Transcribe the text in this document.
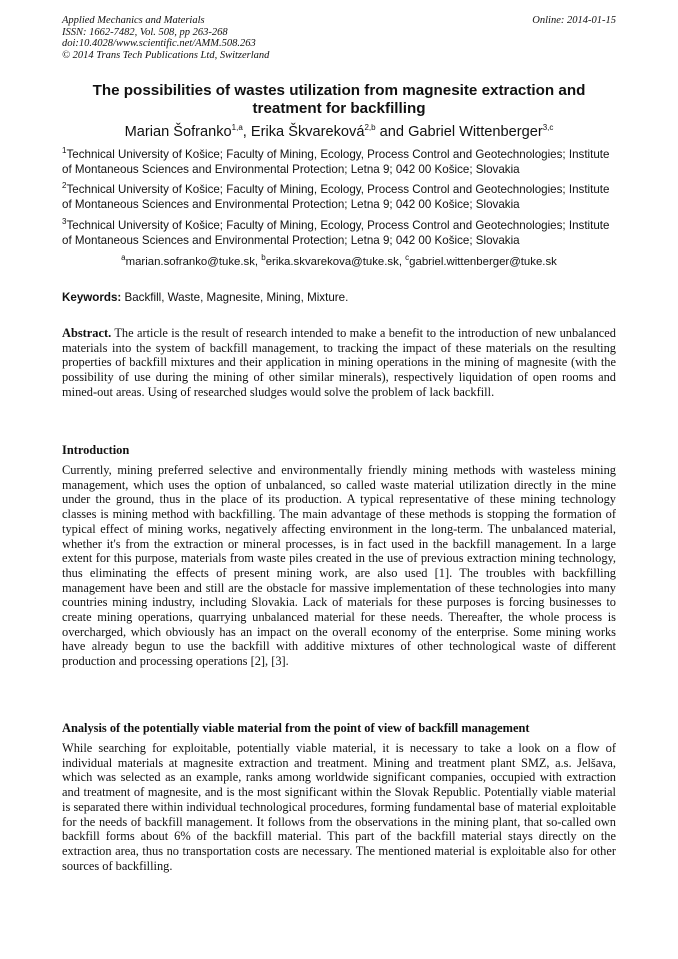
Applied Mechanics and Materials
ISSN: 1662-7482, Vol. 508, pp 263-268
doi:10.4028/www.scientific.net/AMM.508.263
© 2014 Trans Tech Publications Ltd, Switzerland
Online: 2014-01-15
The possibilities of wastes utilization from magnesite extraction and treatment for backfilling
Marian Šofranko$^{1,a}$, Erika Škvareková$^{2,b}$ and Gabriel Wittenberger$^{3,c}$
$^1$Technical University of Košice; Faculty of Mining, Ecology, Process Control and Geotechnologies; Institute of Montaneous Sciences and Environmental Protection; Letna 9; 042 00 Košice; Slovakia
$^2$Technical University of Košice; Faculty of Mining, Ecology, Process Control and Geotechnologies; Institute of Montaneous Sciences and Environmental Protection; Letna 9; 042 00 Košice; Slovakia
$^3$Technical University of Košice; Faculty of Mining, Ecology, Process Control and Geotechnologies; Institute of Montaneous Sciences and Environmental Protection; Letna 9; 042 00 Košice; Slovakia
$^a$marian.sofranko@tuke.sk, $^b$erika.skvarekova@tuke.sk, $^c$gabriel.wittenberger@tuke.sk
Keywords: Backfill, Waste, Magnesite, Mining, Mixture.
Abstract. The article is the result of research intended to make a benefit to the introduction of new unbalanced materials into the system of backfill management, to tracking the impact of these materials on the resulting properties of backfill mixtures and their application in mining operations in the mining of magnesite (with the possibility of use during the mining of other similar minerals), respectively liquidation of open rooms and mined-out areas. Using of researched sludges would solve the problem of lack backfill.
Introduction
Currently, mining preferred selective and environmentally friendly mining methods with wasteless mining management, which uses the option of unbalanced, so called waste material utilization directly in the mine under the ground, thus in the place of its production. A typical representative of these mining technology classes is mining method with backfilling. The main advantage of these methods is stopping the formation of typical effect of mining works, negatively affecting environment in the long-term. The unbalanced material, whether it's from the extraction or mineral processes, is in fact used in the backfill management. In a large extent for this purpose, materials from waste piles created in the use of previous extraction mining technology, thus eliminating the effects of present mining work, are also used [1]. The troubles with backfilling management have been and still are the obstacle for massive implementation of these technologies into many countries mining industry, including Slovakia. Lack of materials for these purposes is forcing businesses to create mining operations, quarrying unbalanced material for these needs. Thereafter, the whole process is overcharged, which obviously has an impact on the overall economy of the enterprise. Some mining works have already begun to use the backfill with additive mixtures of other technological waste of different production and processing operations [2], [3].
Analysis of the potentially viable material from the point of view of backfill management
While searching for exploitable, potentially viable material, it is necessary to take a look on a flow of individual materials at magnesite extraction and treatment. Mining and treatment plant SMZ, a.s. Jelšava, which was selected as an example, ranks among worldwide significant companies, occupied with extraction and treatment of magnesite, and is the most significant within the Slovak Republic. Potentially viable material is separated there within individual technological procedures, forming fundamental base of material exploitable for the needs of backfill management. It follows from the observations in the mining plant, that so-called own backfill forms about 6% of the backfill material. This part of the backfill material stays directly on the extraction area, thus no transportation costs are necessary. The mentioned material is exploitable also for other sources of backfilling.
